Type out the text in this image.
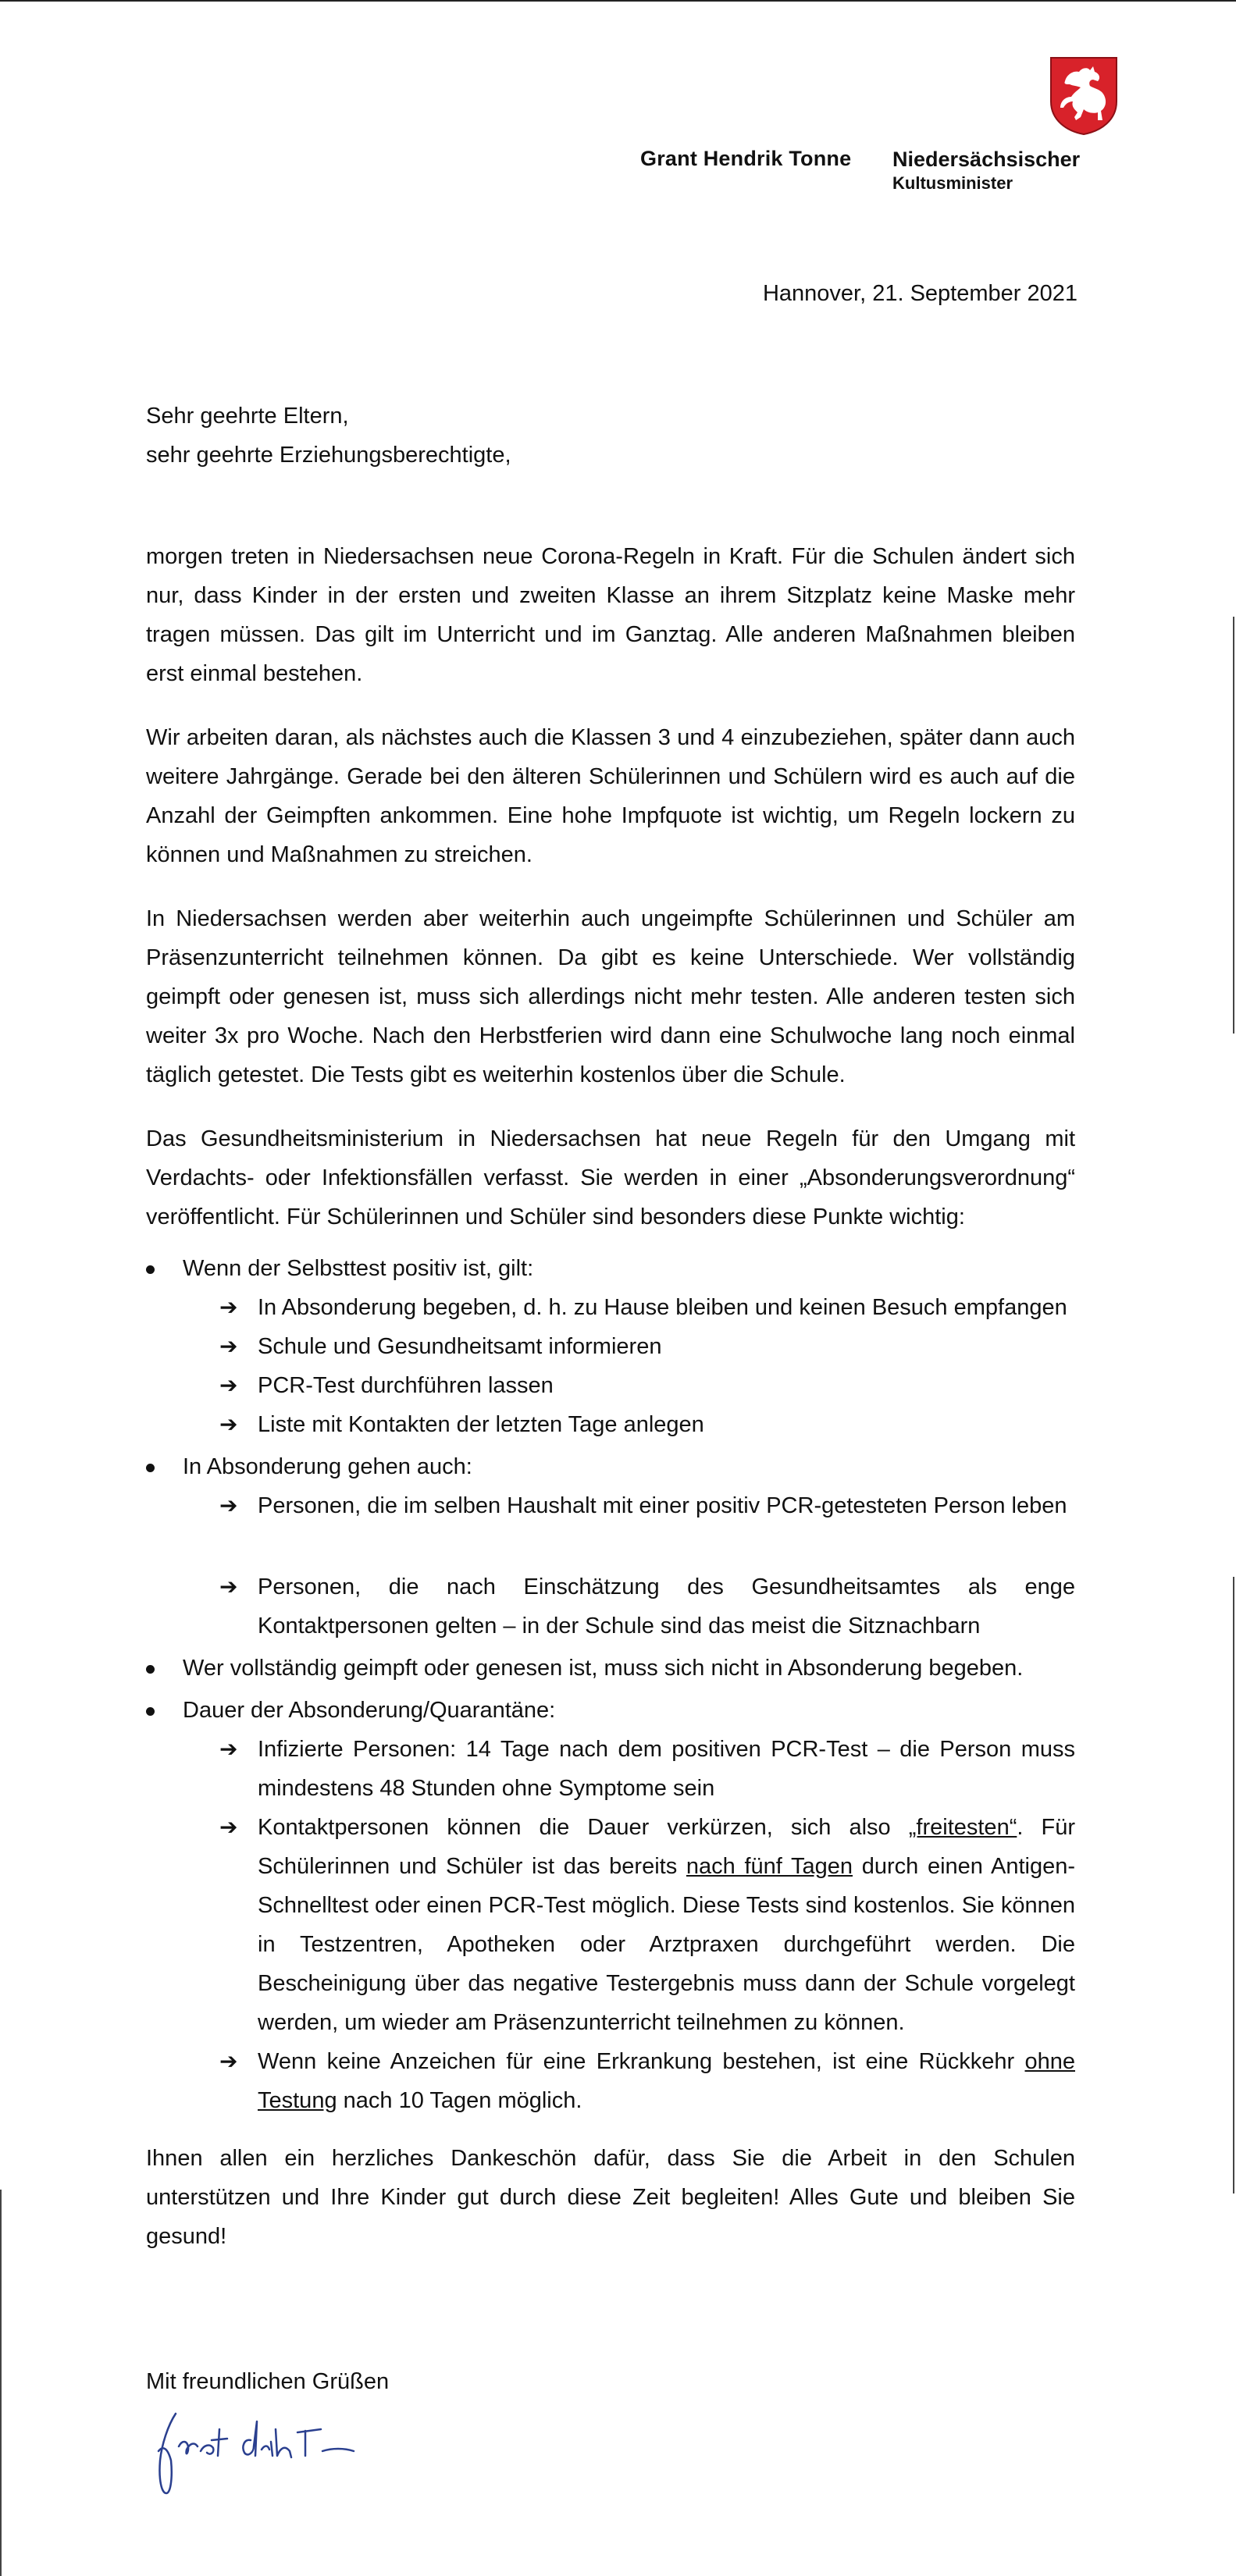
Grant Hendrik Tonne Niedersächsischer
Kultusminister
Hannover, 21. September 2021

Sehr geehrte Eltern,

sehr geehrte Erziehungsberechtigte,

morgen treten in Niedersachsen neue Corona-Regeln in Kraft. Für die Schulen ändert sich nur, dass Kinder in der ersten und zweiten Klasse an ihrem Sitzplatz keine Maske mehr tragen müssen. Das gilt im Unterricht und im Ganztag. Alle anderen Maßnahmen bleiben erst einmal bestehen.

Wir arbeiten daran, als nächstes auch die Klassen 3 und 4 einzubeziehen, später dann auch weitere Jahrgänge. Gerade bei den älteren Schülerinnen und Schülern wird es auch auf die Anzahl der Geimpften ankommen. Eine hohe Impfquote ist wichtig, um Regeln lockern zu können und Maßnahmen zu streichen.

In Niedersachsen werden aber weiterhin auch ungeimpfte Schülerinnen und Schüler am Präsenzunterricht teilnehmen können. Da gibt es keine Unterschiede. Wer vollständig geimpft oder genesen ist, muss sich allerdings nicht mehr testen. Alle anderen testen sich weiter 3x pro Woche. Nach den Herbstferien wird dann eine Schulwoche lang noch einmal täglich getestet. Die Tests gibt es weiterhin kostenlos über die Schule.

Das Gesundheitsministerium in Niedersachsen hat neue Regeln für den Umgang mit Verdachts- oder Infektionsfällen verfasst. Sie werden in einer „Absonderungsverordnung“ veröffentlicht. Für Schülerinnen und Schüler sind besonders diese Punkte wichtig:

Wenn der Selbsttest positiv ist, gilt:
➔ In Absonderung begeben, d. h. zu Hause bleiben und keinen Besuch empfangen
➔ Schule und Gesundheitsamt informieren
➔ PCR-Test durchführen lassen
➔ Liste mit Kontakten der letzten Tage anlegen
In Absonderung gehen auch:
➔ Personen, die im selben Haushalt mit einer positiv PCR-getesteten Person leben
➔ Personen, die nach Einschätzung des Gesundheitsamtes als enge Kontaktpersonen gelten – in der Schule sind das meist die Sitznachbarn
Wer vollständig geimpft oder genesen ist, muss sich nicht in Absonderung begeben.
Dauer der Absonderung/Quarantäne:
➔ Infizierte Personen: 14 Tage nach dem positiven PCR-Test – die Person muss mindestens 48 Stunden ohne Symptome sein
➔ Kontaktpersonen können die Dauer verkürzen, sich also „freitesten“. Für Schülerinnen und Schüler ist das bereits nach fünf Tagen durch einen Antigen-Schnelltest oder einen PCR-Test möglich. Diese Tests sind kostenlos. Sie können in Testzentren, Apotheken oder Arztpraxen durchgeführt werden. Die Bescheinigung über das negative Testergebnis muss dann der Schule vorgelegt werden, um wieder am Präsenzunterricht teilnehmen zu können.
➔ Wenn keine Anzeichen für eine Erkrankung bestehen, ist eine Rückkehr ohne Testung nach 10 Tagen möglich.

Ihnen allen ein herzliches Dankeschön dafür, dass Sie die Arbeit in den Schulen unterstützen und Ihre Kinder gut durch diese Zeit begleiten! Alles Gute und bleiben Sie gesund!

Mit freundlichen Grüßen
